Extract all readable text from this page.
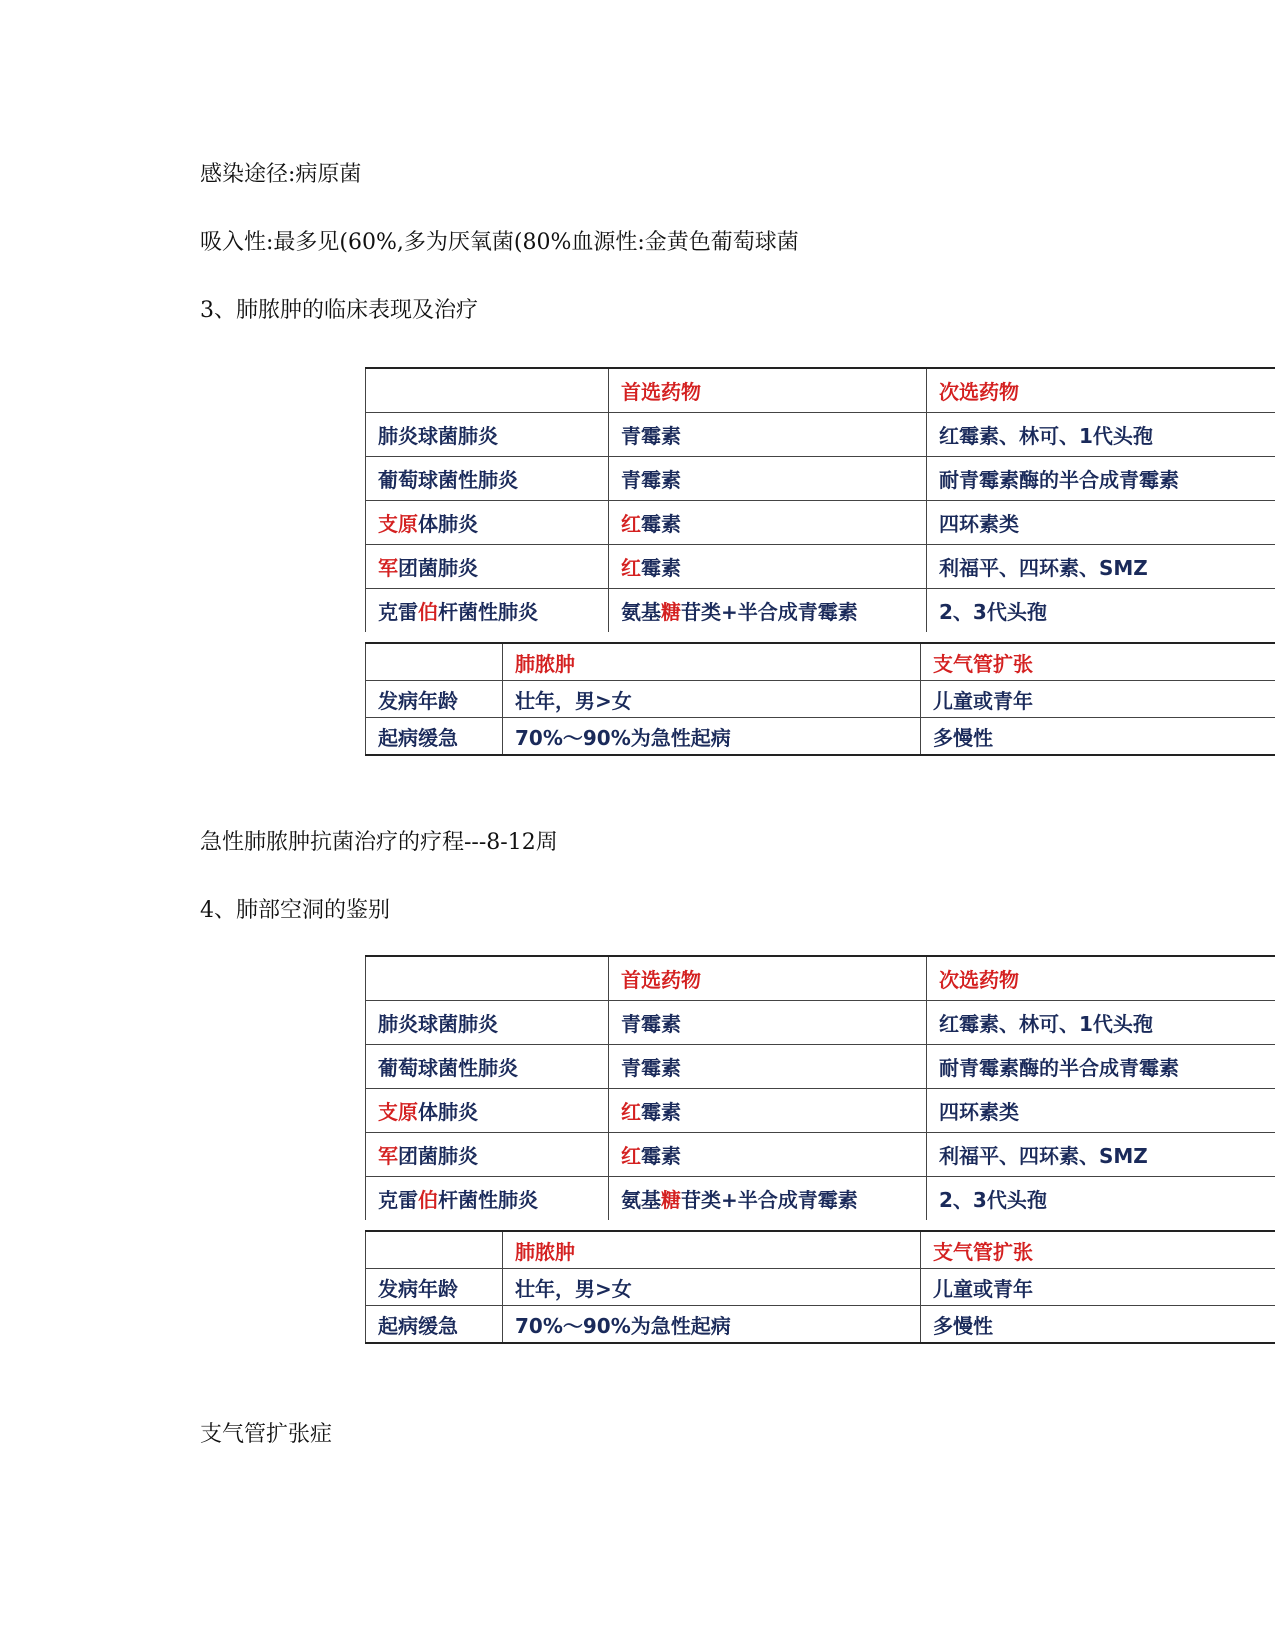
感染途径:病原菌

吸入性:最多见(60%,多为厌氧菌(80%血源性:金黄色葡萄球菌

3、肺脓肿的临床表现及治疗

	首选药物	次选药物
肺炎球菌肺炎	青霉素	红霉素、林可、1代头孢
葡萄球菌性肺炎	青霉素	耐青霉素酶的半合成青霉素
支原体肺炎	红霉素	四环素类
军团菌肺炎	红霉素	利福平、四环素、SMZ
克雷伯杆菌性肺炎	氨基糖苷类+半合成青霉素	2、3代头孢
	肺脓肿	支气管扩张
发病年龄	壮年，男>女	儿童或青年
起病缓急	70%～90%为急性起病	多慢性

急性肺脓肿抗菌治疗的疗程---8-12周

4、肺部空洞的鉴别

	首选药物	次选药物
肺炎球菌肺炎	青霉素	红霉素、林可、1代头孢
葡萄球菌性肺炎	青霉素	耐青霉素酶的半合成青霉素
支原体肺炎	红霉素	四环素类
军团菌肺炎	红霉素	利福平、四环素、SMZ
克雷伯杆菌性肺炎	氨基糖苷类+半合成青霉素	2、3代头孢
	肺脓肿	支气管扩张
发病年龄	壮年，男>女	儿童或青年
起病缓急	70%～90%为急性起病	多慢性

支气管扩张症
